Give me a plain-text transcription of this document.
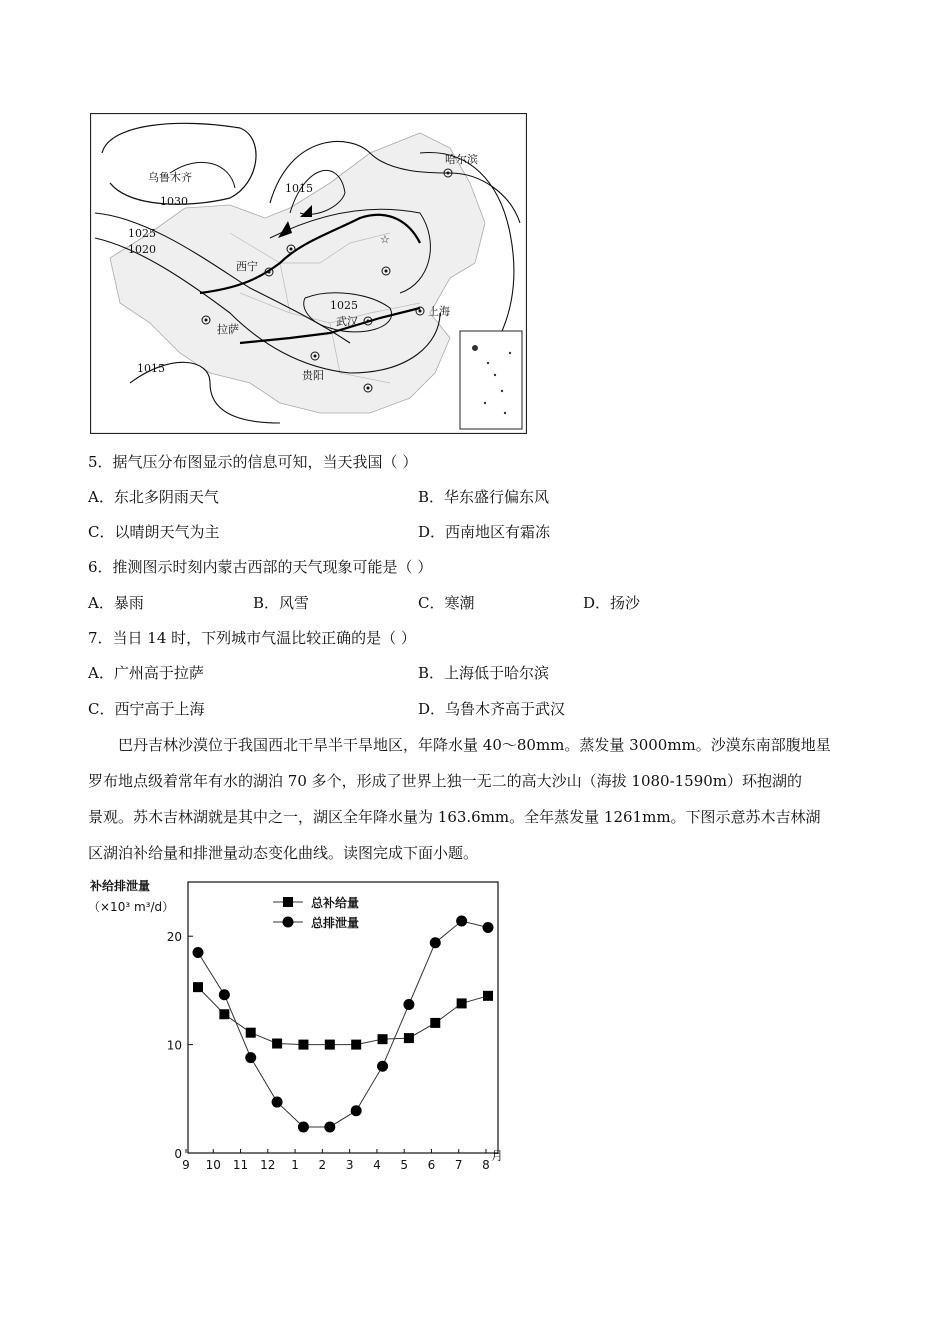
☆
乌鲁木齐
哈尔滨
西宁
拉萨
武汉
上海
贵阳
1015
1030
1025
1020
1025
1015
5．据气压分布图显示的信息可知，当天我国（ ）
A．东北多阴雨天气	B．华东盛行偏东风
C．以晴朗天气为主	D．西南地区有霜冻
6．推测图示时刻内蒙古西部的天气现象可能是（ ）
A．暴雨	B．风雪	C．寒潮	D．扬沙
7．当日 14 时，下列城市气温比较正确的是（ ）
A．广州高于拉萨	B．上海低于哈尔滨
C．西宁高于上海	D．乌鲁木齐高于武汉
巴丹吉林沙漠位于我国西北干旱半干旱地区，年降水量 40～80mm。蒸发量 3000mm。沙漠东南部腹地星
罗布地点级着常年有水的湖泊 70 多个，形成了世界上独一无二的高大沙山（海拔 1080-1590m）环抱湖的
景观。苏木吉林湖就是其中之一，湖区全年降水量为 163.6mm。全年蒸发量 1261mm。下图示意苏木吉林湖
区湖泊补给量和排泄量动态变化曲线。读图完成下面小题。
补给排泄量
（×10³ m³/d）
月
总补给量
总排泄量
0
10
20
9 10 11 12 1 2 3 4 5 6 7 8
